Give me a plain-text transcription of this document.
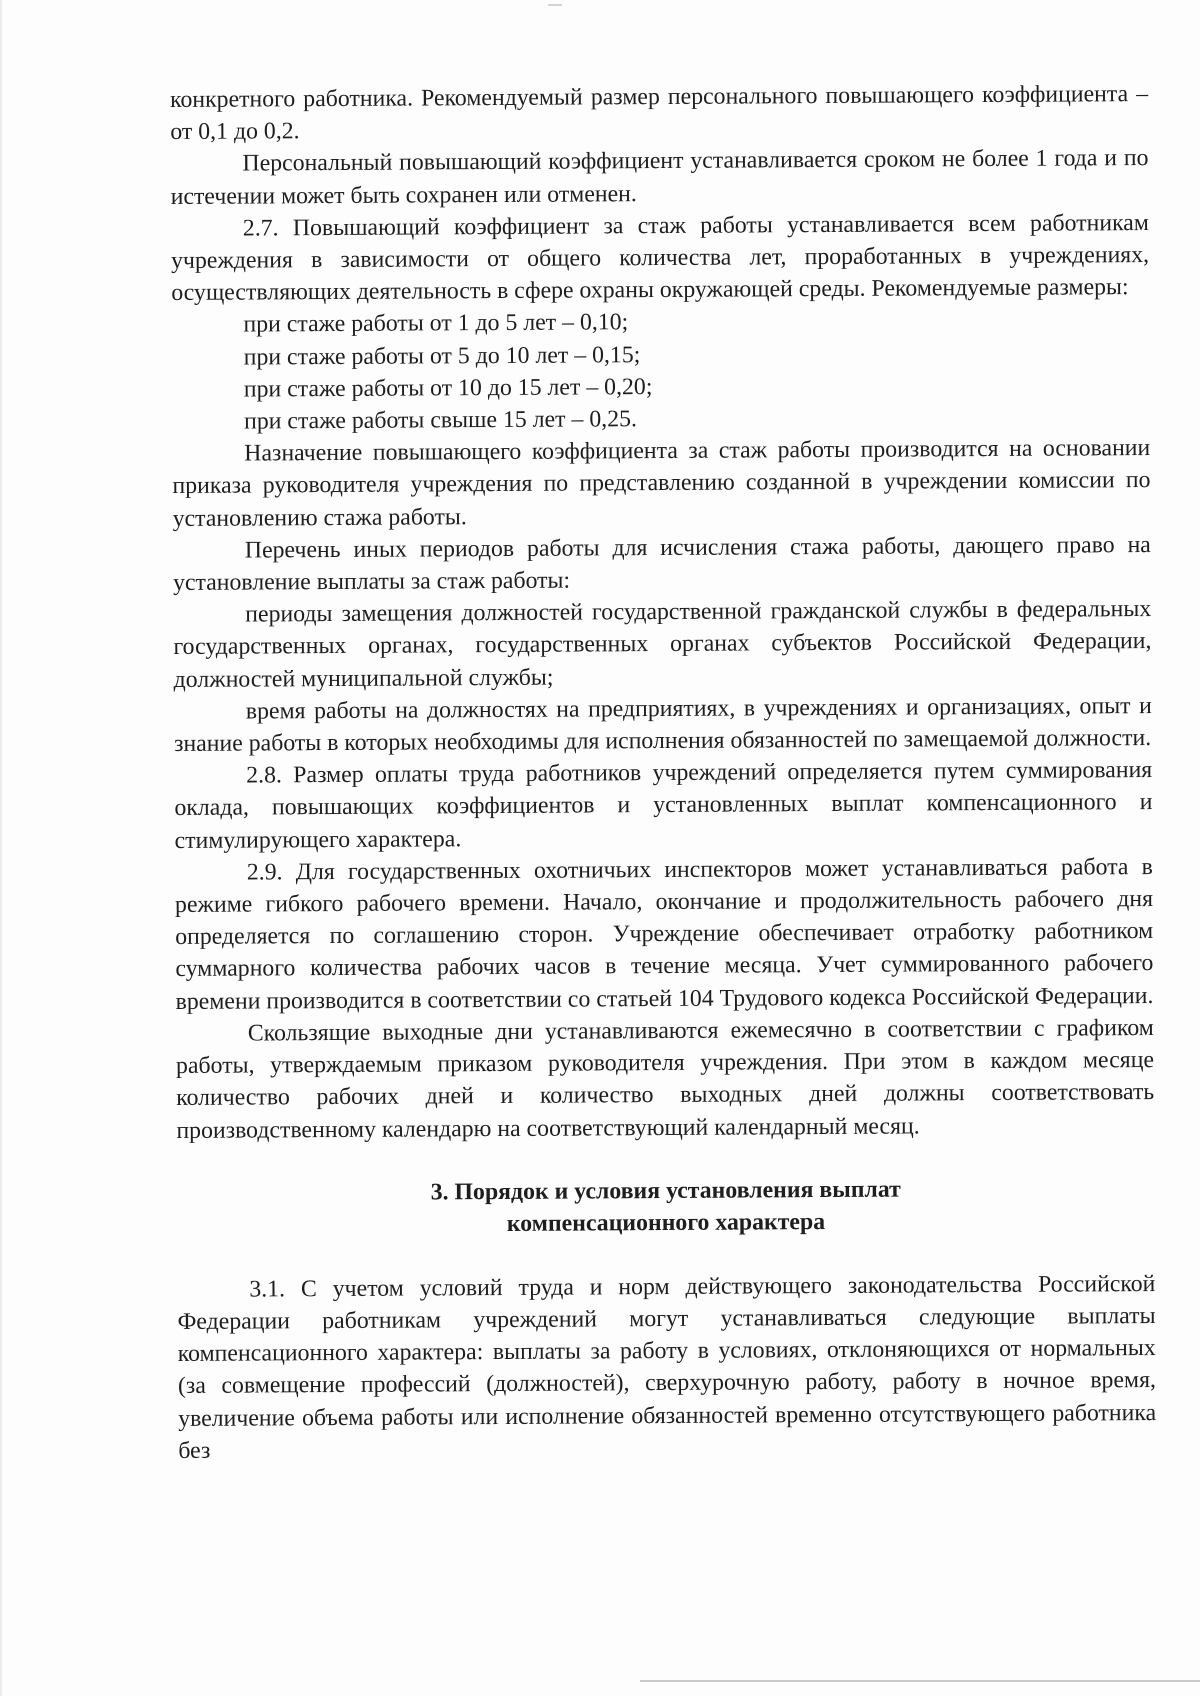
конкретного работника. Рекомендуемый размер персонального повышающего коэффициента – от 0,1 до 0,2.

Персональный повышающий коэффициент устанавливается сроком не более 1 года и по истечении может быть сохранен или отменен.

2.7. Повышающий коэффициент за стаж работы устанавливается всем работникам учреждения в зависимости от общего количества лет, проработанных в учреждениях, осуществляющих деятельность в сфере охраны окружающей среды. Рекомендуемые размеры:

при стаже работы от 1 до 5 лет – 0,10;

при стаже работы от 5 до 10 лет – 0,15;

при стаже работы от 10 до 15 лет – 0,20;

при стаже работы свыше 15 лет – 0,25.

Назначение повышающего коэффициента за стаж работы производится на основании приказа руководителя учреждения по представлению созданной в учреждении комиссии по установлению стажа работы.

Перечень иных периодов работы для исчисления стажа работы, дающего право на установление выплаты за стаж работы:

периоды замещения должностей государственной гражданской службы в федеральных государственных органах, государственных органах субъектов Российской Федерации, должностей муниципальной службы;

время работы на должностях на предприятиях, в учреждениях и организациях, опыт и знание работы в которых необходимы для исполнения обязанностей по замещаемой должности.

2.8. Размер оплаты труда работников учреждений определяется путем суммирования оклада, повышающих коэффициентов и установленных выплат компенсационного и стимулирующего характера.

2.9. Для государственных охотничьих инспекторов может устанавливаться работа в режиме гибкого рабочего времени. Начало, окончание и продолжительность рабочего дня определяется по соглашению сторон. Учреждение обеспечивает отработку работником суммарного количества рабочих часов в течение месяца. Учет суммированного рабочего времени производится в соответствии со статьей 104 Трудового кодекса Российской Федерации.

Скользящие выходные дни устанавливаются ежемесячно в соответствии с графиком работы, утверждаемым приказом руководителя учреждения. При этом в каждом месяце количество рабочих дней и количество выходных дней должны соответствовать производственному календарю на соответствующий календарный месяц.

3. Порядок и условия установления выплат
компенсационного характера

3.1. С учетом условий труда и норм действующего законодательства Российской Федерации работникам учреждений могут устанавливаться следующие выплаты компенсационного характера: выплаты за работу в условиях, отклоняющихся от нормальных (за совмещение профессий (должностей), сверхурочную работу, работу в ночное время, увеличение объема работы или исполнение обязанностей временно отсутствующего работника без
